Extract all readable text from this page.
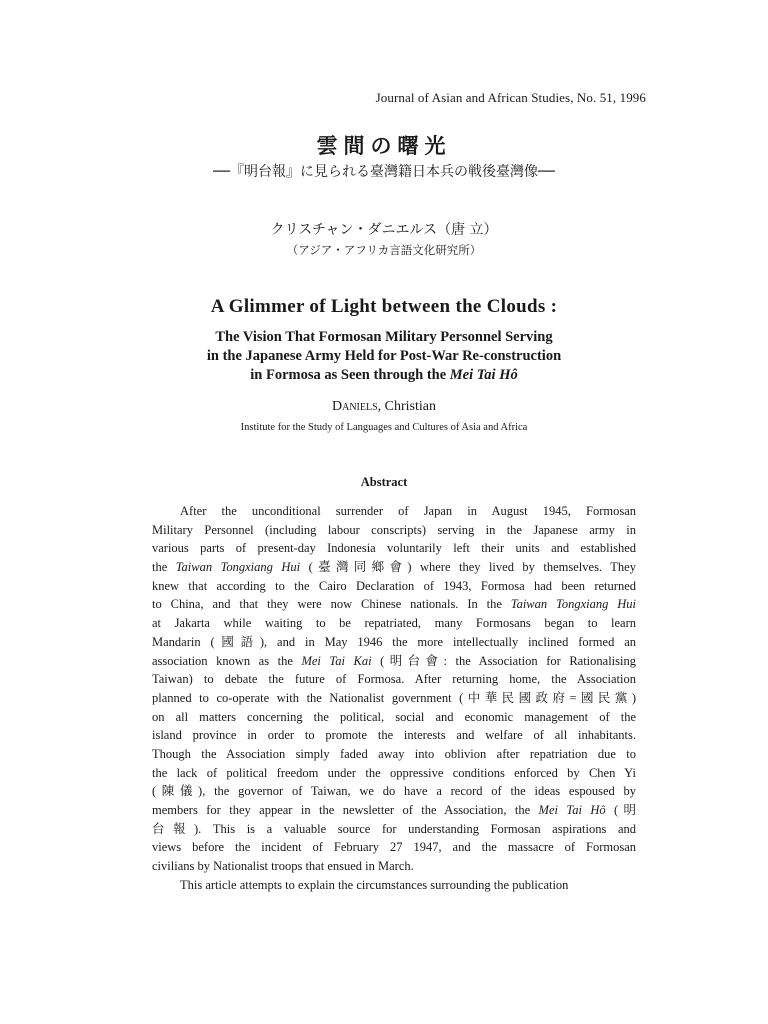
Journal of Asian and African Studies, No. 51, 1996
雲間の曙光
──『明台報』に見られる臺灣籍日本兵の戦後臺灣像──
クリスチャン・ダニエルス（唐 立）
（アジア・アフリカ言語文化研究所）
A Glimmer of Light between the Clouds :
The Vision That Formosan Military Personnel Serving
in the Japanese Army Held for Post-War Re-construction
in Formosa as Seen through the Mei Tai Hô
Daniels, Christian
Institute for the Study of Languages and Cultures of Asia and Africa
Abstract
After the unconditional surrender of Japan in August 1945, Formosan
Military Personnel (including labour conscripts) serving in the Japanese army in
various parts of present-day Indonesia voluntarily left their units and established
the Taiwan Tongxiang Hui (臺灣同鄉會) where they lived by themselves. They
knew that according to the Cairo Declaration of 1943, Formosa had been returned
to China, and that they were now Chinese nationals. In the Taiwan Tongxiang Hui
at Jakarta while waiting to be repatriated, many Formosans began to learn
Mandarin (國語), and in May 1946 the more intellectually inclined formed an
association known as the Mei Tai Kai (明台會: the Association for Rationalising
Taiwan) to debate the future of Formosa. After returning home, the Association
planned to co-operate with the Nationalist government (中華民國政府=國民黨)
on all matters concerning the political, social and economic management of the
island province in order to promote the interests and welfare of all inhabitants.
Though the Association simply faded away into oblivion after repatriation due to
the lack of political freedom under the oppressive conditions enforced by Chen Yi
(陳儀), the governor of Taiwan, we do have a record of the ideas espoused by
members for they appear in the newsletter of the Association, the Mei Tai Hô (明
台報). This is a valuable source for understanding Formosan aspirations and
views before the incident of February 27 1947, and the massacre of Formosan
civilians by Nationalist troops that ensued in March.
This article attempts to explain the circumstances surrounding the publication
